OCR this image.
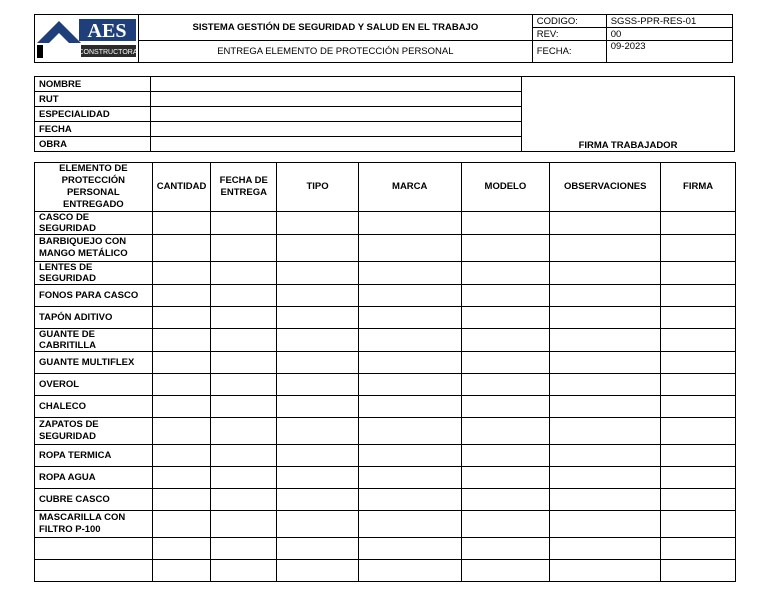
AES
CONSTRUCTORA	SISTEMA GESTIÓN DE SEGURIDAD Y SALUD EN EL TRABAJO	CODIGO:	SGSS-PPR-RES-01
		REV:	00
	ENTREGA ELEMENTO DE PROTECCIÓN PERSONAL	FECHA:	09-2023
NOMBRE		FIRMA TRABAJADOR
RUT		
ESPECIALIDAD		
FECHA		
OBRA		
ELEMENTO DE PROTECCIÓN PERSONAL ENTREGADO	CANTIDAD	FECHA DE ENTREGA	TIPO	MARCA	MODELO	OBSERVACIONES	FIRMA
CASCO DE SEGURIDAD							
BARBIQUEJO CON MANGO METÁLICO							
LENTES DE SEGURIDAD							
FONOS PARA CASCO							
TAPÓN ADITIVO							
GUANTE DE CABRITILLA							
GUANTE MULTIFLEX							
OVEROL							
CHALECO							
ZAPATOS DE SEGURIDAD							
ROPA TERMICA							
ROPA AGUA							
CUBRE CASCO							
MASCARILLA CON FILTRO P-100							
